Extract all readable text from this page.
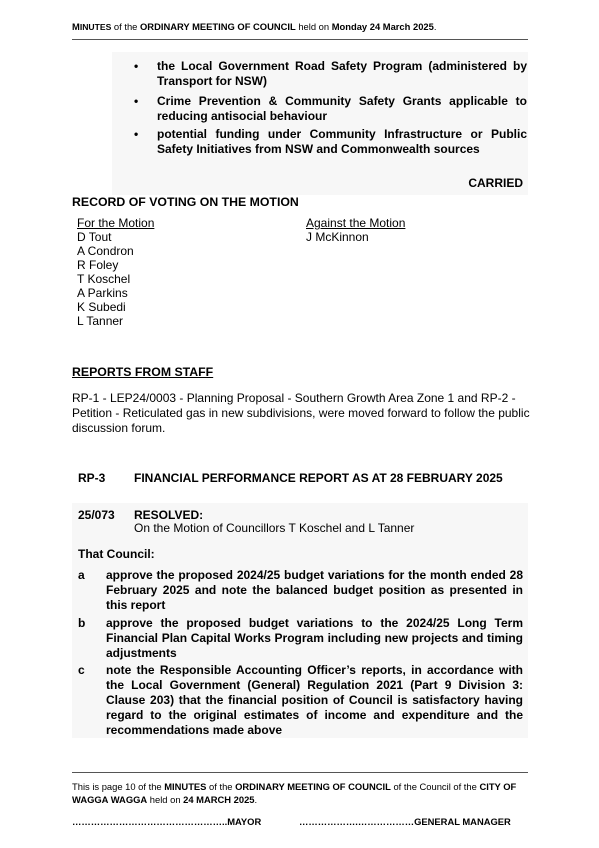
MINUTES of the ORDINARY MEETING OF COUNCIL held on Monday 24 March 2025.
• the Local Government Road Safety Program (administered by Transport for NSW)
• Crime Prevention & Community Safety Grants applicable to reducing antisocial behaviour
• potential funding under Community Infrastructure or Public Safety Initiatives from NSW and Commonwealth sources
CARRIED
RECORD OF VOTING ON THE MOTION
For the Motion
D Tout
A Condron
R Foley
T Koschel
A Parkins
K Subedi
L Tanner
Against the Motion
J McKinnon
REPORTS FROM STAFF
RP-1 - LEP24/0003 - Planning Proposal - Southern Growth Area Zone 1 and RP-2 - Petition - Reticulated gas in new subdivisions, were moved forward to follow the public discussion forum.
RP-3 FINANCIAL PERFORMANCE REPORT AS AT 28 FEBRUARY 2025
25/073 RESOLVED:
On the Motion of Councillors T Koschel and L Tanner
That Council:
a approve the proposed 2024/25 budget variations for the month ended 28 February 2025 and note the balanced budget position as presented in this report
b approve the proposed budget variations to the 2024/25 Long Term Financial Plan Capital Works Program including new projects and timing adjustments
c note the Responsible Accounting Officer’s reports, in accordance with the Local Government (General) Regulation 2021 (Part 9 Division 3: Clause 203) that the financial position of Council is satisfactory having regard to the original estimates of income and expenditure and the recommendations made above
This is page 10 of the MINUTES of the ORDINARY MEETING OF COUNCIL of the Council of the CITY OF WAGGA WAGGA held on 24 MARCH 2025.
…………………………………………..MAYOR	……………….………………GENERAL MANAGER
